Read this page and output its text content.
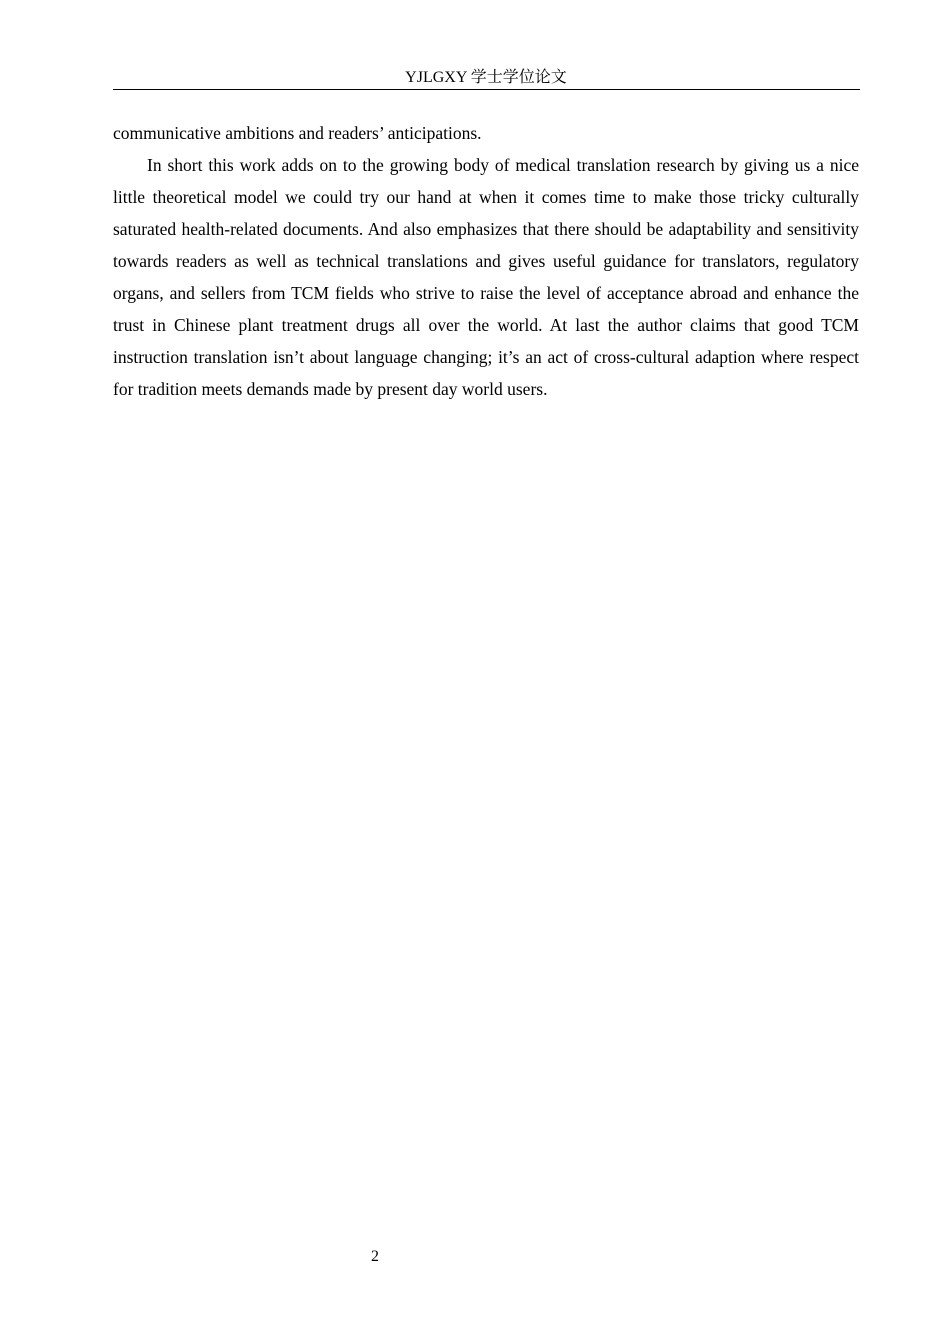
YJLGXY 学士学位论文

communicative ambitions and readers’ anticipations.

In short this work adds on to the growing body of medical translation research by giving us a nice little theoretical model we could try our hand at when it comes time to make those tricky culturally saturated health-related documents. And also emphasizes that there should be adaptability and sensitivity towards readers as well as technical translations and gives useful guidance for translators, regulatory organs, and sellers from TCM fields who strive to raise the level of acceptance abroad and enhance the trust in Chinese plant treatment drugs all over the world. At last the author claims that good TCM instruction translation isn’t about language changing; it’s an act of cross-cultural adaption where respect for tradition meets demands made by present day world users.

2
